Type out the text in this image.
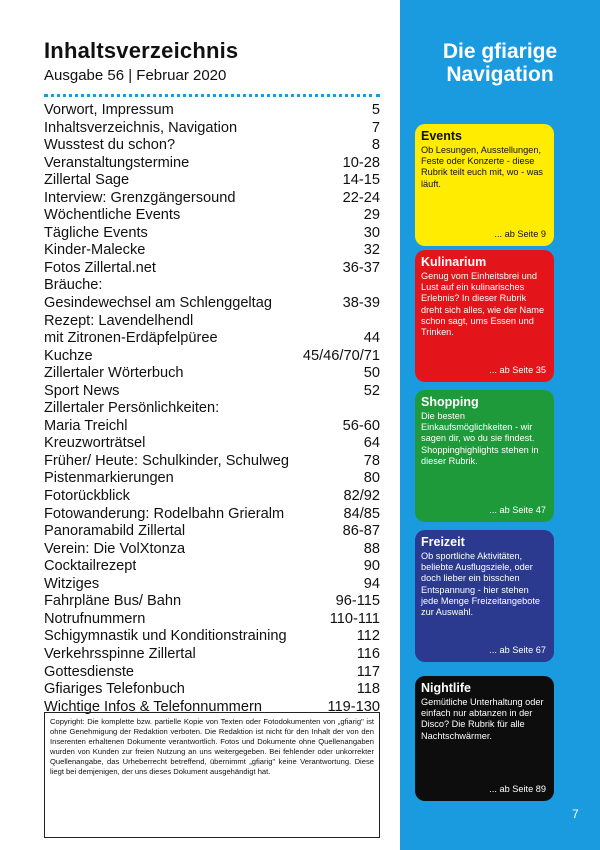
Inhaltsverzeichnis
Ausgabe 56 | Februar 2020
Vorwort, Impressum	5
Inhaltsverzeichnis, Navigation	7
Wusstest du schon?	8
Veranstaltungstermine	10-28
Zillertal Sage	14-15
Interview: Grenzgängersound	22-24
Wöchentliche Events	29
Tägliche Events	30
Kinder-Malecke	32
Fotos Zillertal.net	36-37
Bräuche:
Gesindewechsel am Schlenggeltag	38-39
Rezept: Lavendelhendl
mit Zitronen-Erdäpfelpüree	44
Kuchze	45/46/70/71
Zillertaler Wörterbuch	50
Sport News	52
Zillertaler Persönlichkeiten:
Maria Treichl	56-60
Kreuzworträtsel	64
Früher/ Heute: Schulkinder, Schulweg	78
Pistenmarkierungen	80
Fotorückblick	82/92
Fotowanderung: Rodelbahn Grieralm	84/85
Panoramabild Zillertal	86-87
Verein: Die VolXtonza	88
Cocktailrezept	90
Witziges	94
Fahrpläne Bus/ Bahn	96-115
Notrufnummern	110-111
Schigymnastik und Konditionstraining	112
Verkehrsspinne Zillertal	116
Gottesdienste	117
Gfiariges Telefonbuch	118
Wichtige Infos & Telefonnummern	119-130
Copyright: Die komplette bzw. partielle Kopie von Texten oder Fotodokumenten von „gfiarig" ist ohne Genehmigung der Redaktion verboten. Die Redaktion ist nicht für den Inhalt der von den Inserenten erhaltenen Dokumente verantwortlich. Fotos und Dokumente ohne Quellenangaben wurden von Kunden zur freien Nutzung an uns weitergegeben. Bei fehlender oder unkorrekter Quellenangabe, das Urheberrecht betreffend, übernimmt „gfiarig" keine Verantwortung. Diese liegt bei demjenigen, der uns dieses Dokument ausgehändigt hat.
Die gfiarige
Navigation
Events
Ob Lesungen, Ausstellungen, Feste oder Konzerte - diese Rubrik teilt euch mit, wo - was läuft.
... ab Seite 9
Kulinarium
Genug vom Einheitsbrei und Lust auf ein kulinarisches Erlebnis? In dieser Rubrik dreht sich alles, wie der Name schon sagt, ums Essen und Trinken.
... ab Seite 35
Shopping
Die besten Einkaufsmöglichkeiten - wir sagen dir, wo du sie findest. Shoppinghighlights stehen in dieser Rubrik.
... ab Seite 47
Freizeit
Ob sportliche Aktivitäten, beliebte Ausflugsziele, oder doch lieber ein bisschen Entspannung - hier stehen jede Menge Freizeitangebote zur Auswahl.
... ab Seite 67
Nightlife
Gemütliche Unterhaltung oder einfach nur abtanzen in der Disco? Die Rubrik für alle Nachtschwärmer.
... ab Seite 89
7
